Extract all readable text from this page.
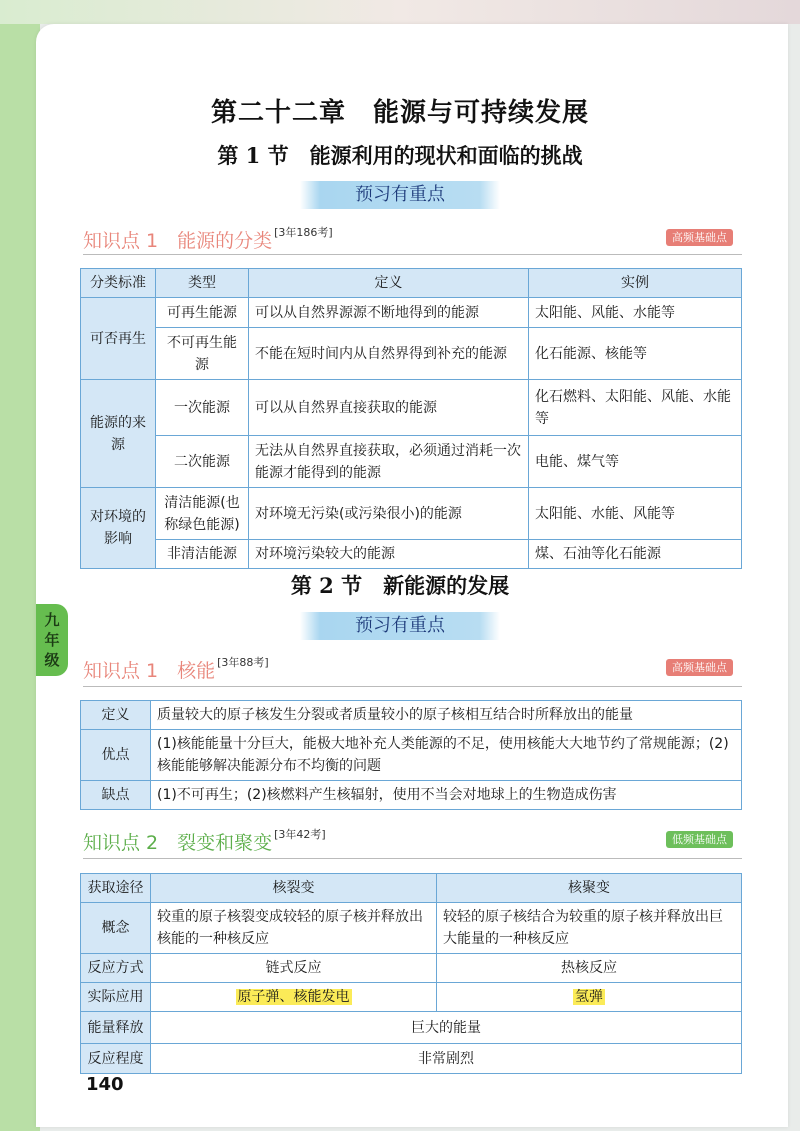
九年级
第二十二章　能源与可持续发展
第 1 节　能源利用的现状和面临的挑战
预习有重点
知识点 1　能源的分类 [3年186考]	高频基础点
分类标准	类型	定义	实例
可否再生	可再生能源	可以从自然界源源不断地得到的能源	太阳能、风能、水能等
	不可再生能源	不能在短时间内从自然界得到补充的能源	化石能源、核能等
能源的来源	一次能源	可以从自然界直接获取的能源	化石燃料、太阳能、风能、水能等
	二次能源	无法从自然界直接获取，必须通过消耗一次能源才能得到的能源	电能、煤气等
对环境的影响	清洁能源(也称绿色能源)	对环境无污染(或污染很小)的能源	太阳能、水能、风能等
	非清洁能源	对环境污染较大的能源	煤、石油等化石能源
第 2 节　新能源的发展
预习有重点
知识点 1　核能 [3年88考]	高频基础点
定义	质量较大的原子核发生分裂或者质量较小的原子核相互结合时所释放出的能量
优点	(1)核能能量十分巨大，能极大地补充人类能源的不足，使用核能大大地节约了常规能源；(2)核能能够解决能源分布不均衡的问题
缺点	(1)不可再生；(2)核燃料产生核辐射，使用不当会对地球上的生物造成伤害
知识点 2　裂变和聚变 [3年42考]	低频基础点
获取途径	核裂变	核聚变
概念	较重的原子核裂变成较轻的原子核并释放出核能的一种核反应	较轻的原子核结合为较重的原子核并释放出巨大能量的一种核反应
反应方式	链式反应	热核反应
实际应用	原子弹、核能发电	氢弹
能量释放	巨大的能量	
反应程度	非常剧烈	
140
